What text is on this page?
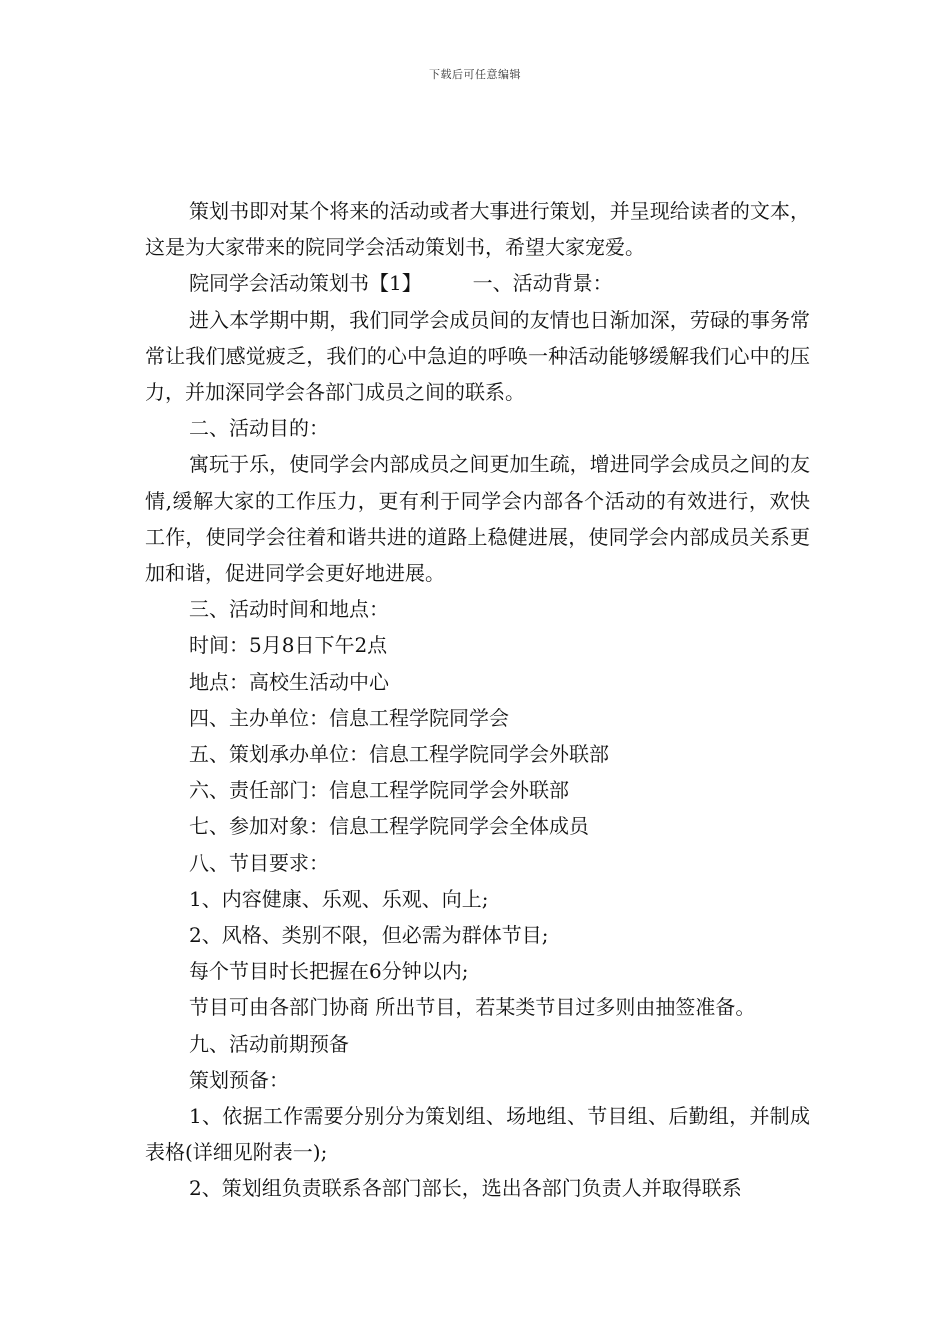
下载后可任意编辑

策划书即对某个将来的活动或者大事进行策划，并呈现给读者的文本，这是为大家带来的院同学会活动策划书，希望大家宠爱。

院同学会活动策划书【1】        一、活动背景：

进入本学期中期，我们同学会成员间的友情也日渐加深，劳碌的事务常常让我们感觉疲乏，我们的心中急迫的呼唤一种活动能够缓解我们心中的压力，并加深同学会各部门成员之间的联系。

二、活动目的：

寓玩于乐，使同学会内部成员之间更加生疏，增进同学会成员之间的友情,缓解大家的工作压力，更有利于同学会内部各个活动的有效进行，欢快工作，使同学会往着和谐共进的道路上稳健进展，使同学会内部成员关系更加和谐，促进同学会更好地进展。

三、活动时间和地点：

时间：5月8日下午2点

地点：高校生活动中心

四、主办单位：信息工程学院同学会

五、策划承办单位：信息工程学院同学会外联部

六、责任部门：信息工程学院同学会外联部

七、参加对象：信息工程学院同学会全体成员

八、节目要求：

1、内容健康、乐观、乐观、向上;

2、风格、类别不限，但必需为群体节目;

每个节目时长把握在6分钟以内;

节目可由各部门协商 所出节目，若某类节目过多则由抽签准备。

九、活动前期预备

策划预备：

1、依据工作需要分别分为策划组、场地组、节目组、后勤组，并制成表格(详细见附表一);

2、策划组负责联系各部门部长，选出各部门负责人并取得联系
